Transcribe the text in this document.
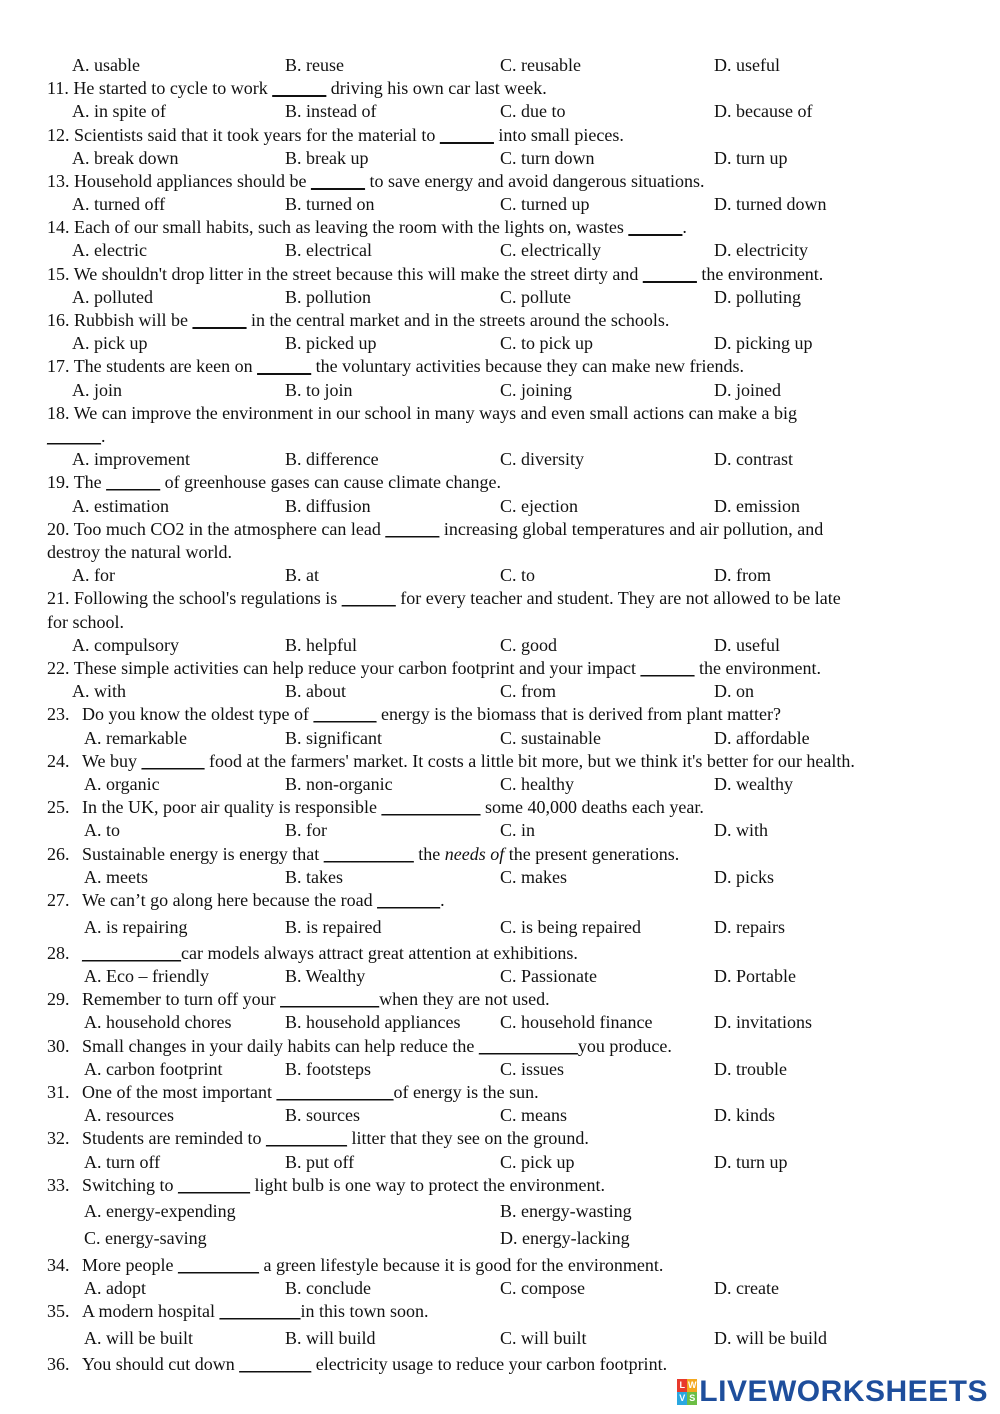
A. usable	B. reuse	C. reusable	D. useful
11. He started to cycle to work ______ driving his own car last week.
A. in spite of	B. instead of	C. due to	D. because of
12. Scientists said that it took years for the material to ______ into small pieces.
A. break down	B. break up	C. turn down	D. turn up
13. Household appliances should be ______ to save energy and avoid dangerous situations.
A. turned off	B. turned on	C. turned up	D. turned down
14. Each of our small habits, such as leaving the room with the lights on, wastes ______.
A. electric	B. electrical	C. electrically	D. electricity
15. We shouldn't drop litter in the street because this will make the street dirty and ______ the environment.
A. polluted	B. pollution	C. pollute	D. polluting
16. Rubbish will be ______ in the central market and in the streets around the schools.
A. pick up	B. picked up	C. to pick up	D. picking up
17. The students are keen on ______ the voluntary activities because they can make new friends.
A. join	B. to join	C. joining	D. joined
18. We can improve the environment in our school in many ways and even small actions can make a big
______.
A. improvement	B. difference	C. diversity	D. contrast
19. The ______ of greenhouse gases can cause climate change.
A. estimation	B. diffusion	C. ejection	D. emission
20. Too much CO2 in the atmosphere can lead ______ increasing global temperatures and air pollution, and
destroy the natural world.
A. for	B. at	C. to	D. from
21. Following the school's regulations is ______ for every teacher and student. They are not allowed to be late
for school.
A. compulsory	B. helpful	C. good	D. useful
22. These simple activities can help reduce your carbon footprint and your impact ______ the environment.
A. with	B. about	C. from	D. on
23. Do you know the oldest type of _______ energy is the biomass that is derived from plant matter?
A. remarkable	B. significant	C. sustainable	D. affordable
24. We buy _______ food at the farmers' market. It costs a little bit more, but we think it's better for our health.
A. organic	B. non-organic	C. healthy	D. wealthy
25. In the UK, poor air quality is responsible ___________ some 40,000 deaths each year.
A. to	B. for	C. in	D. with
26. Sustainable energy is energy that __________ the needs of the present generations.
A. meets	B. takes	C. makes	D. picks
27. We can’t go along here because the road _______.
A. is repairing	B. is repaired	C. is being repaired	D. repairs
28. ___________car models always attract great attention at exhibitions.
A. Eco – friendly	B. Wealthy	C. Passionate	D. Portable
29. Remember to turn off your ___________when they are not used.
A. household chores	B. household appliances C. household finance	D. invitations
30. Small changes in your daily habits can help reduce the ___________you produce.
A. carbon footprint	B. footsteps	C. issues	D. trouble
31. One of the most important _____________of energy is the sun.
A. resources	B. sources	C. means	D. kinds
32. Students are reminded to _________ litter that they see on the ground.
A. turn off	B. put off	C. pick up	D. turn up
33. Switching to ________ light bulb is one way to protect the environment.
A. energy-expending	B. energy-wasting
C. energy-saving	D. energy-lacking
34. More people _________ a green lifestyle because it is good for the environment.
A. adopt	B. conclude	C. compose	D. create
35. A modern hospital _________in this town soon.
A. will be built	B. will build	C. will built	D. will be build
36. You should cut down ________ electricity usage to reduce your carbon footprint.
L W
V S LIVEWORKSHEETS
